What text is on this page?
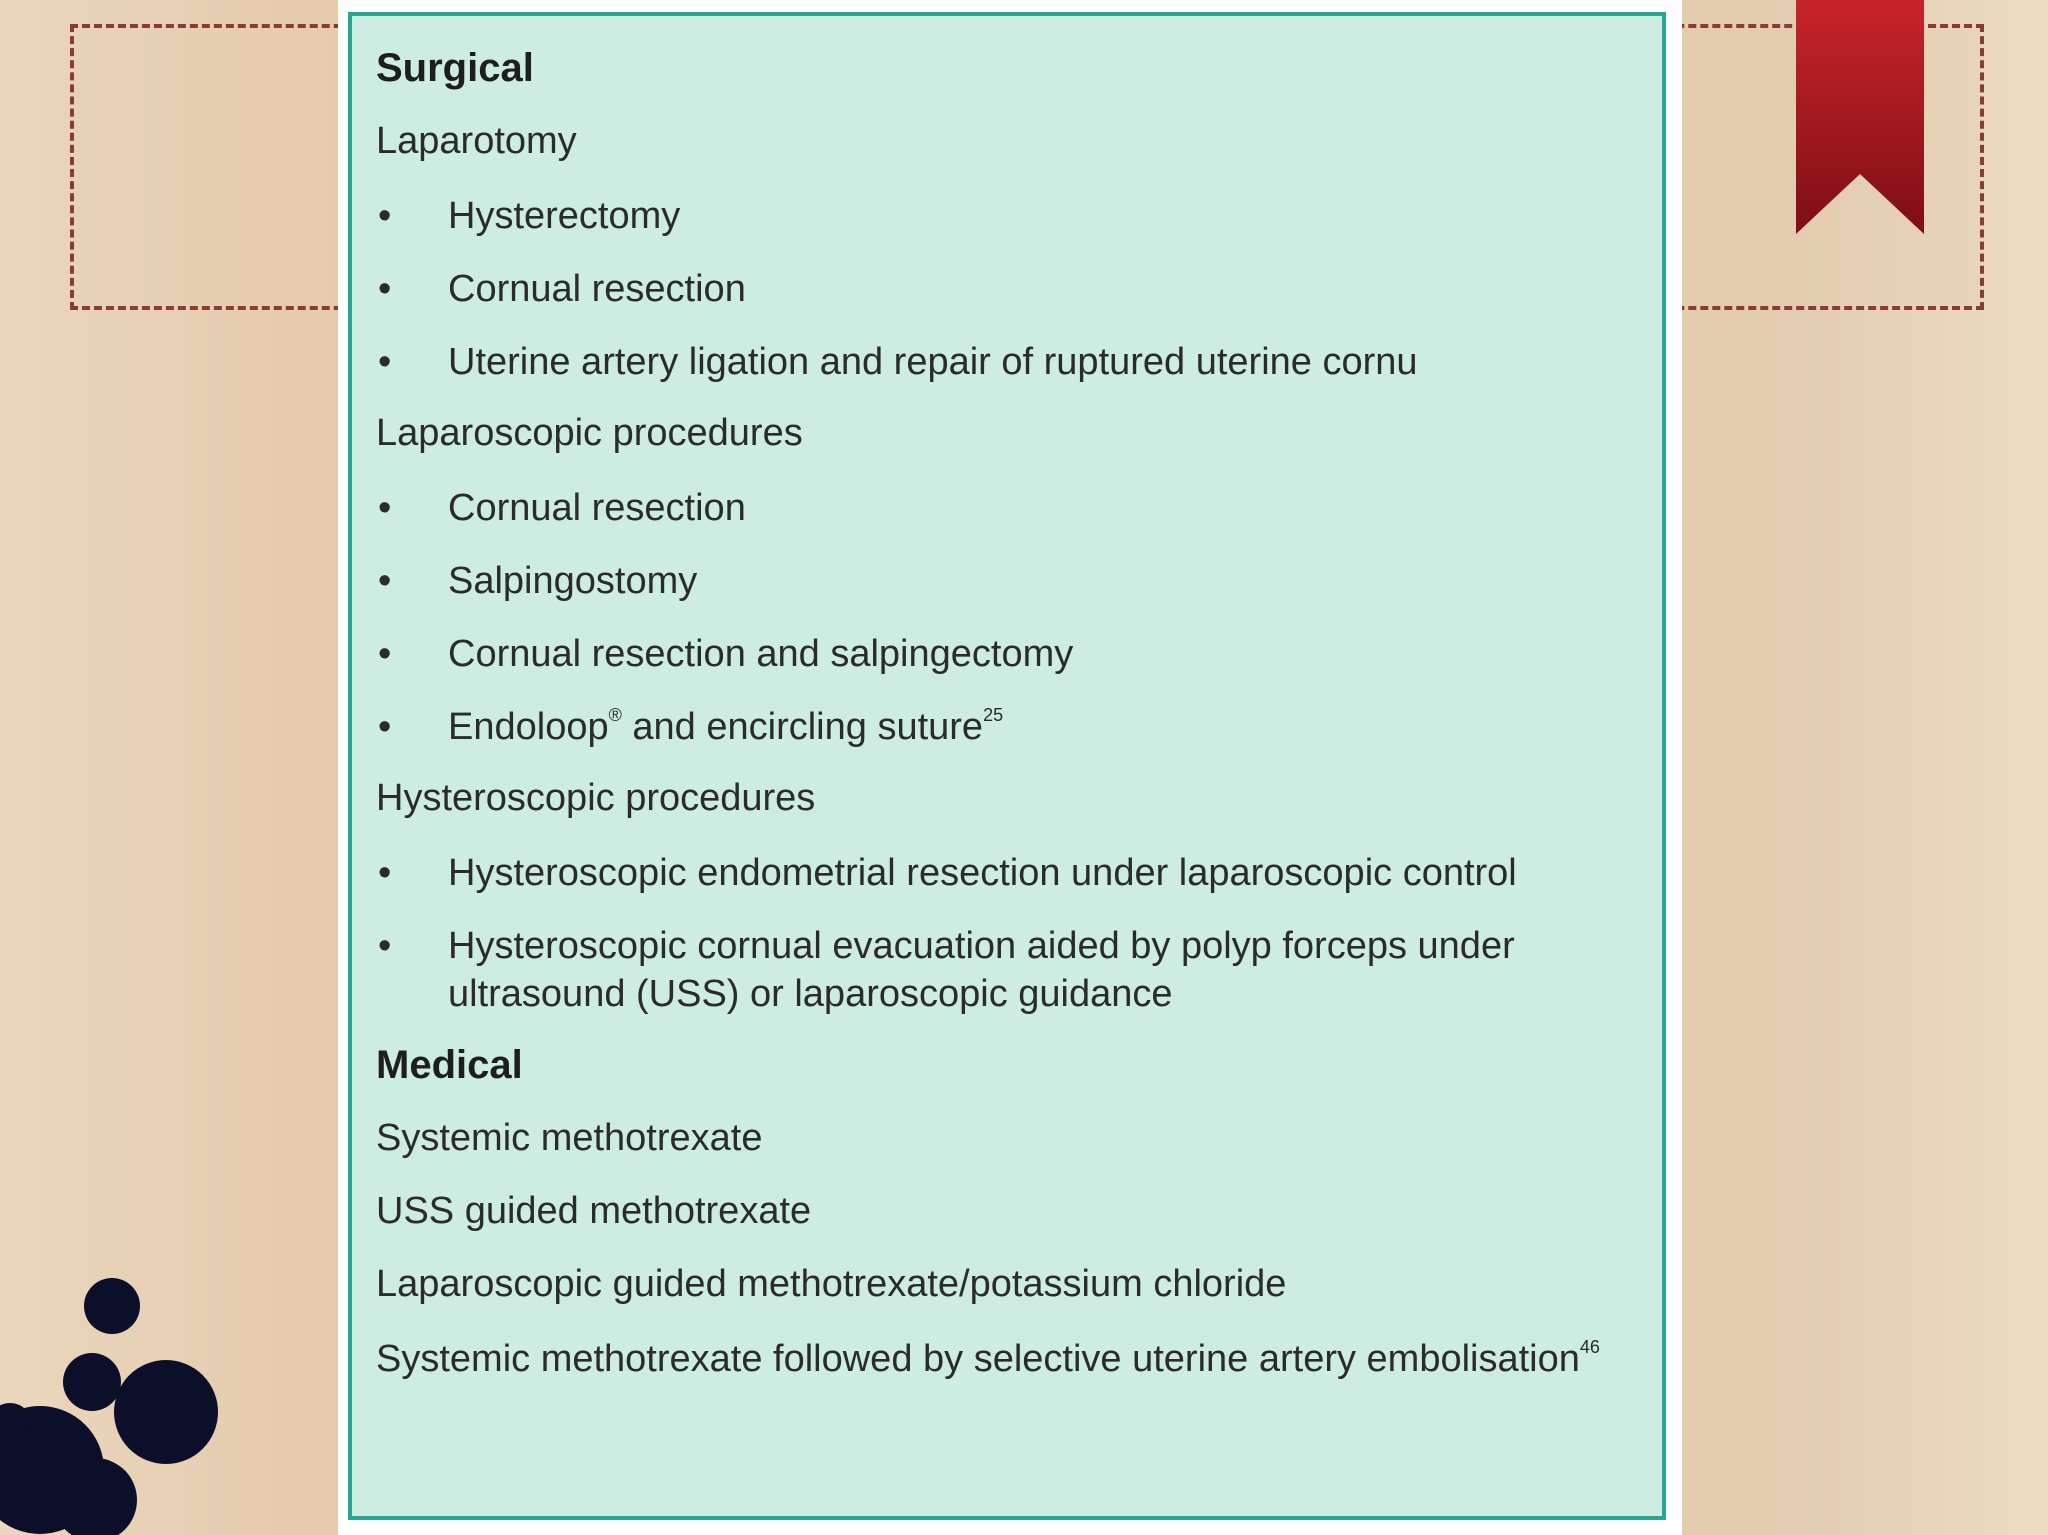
Surgical
Laparotomy
• Hysterectomy
• Cornual resection
• Uterine artery ligation and repair of ruptured uterine cornu
Laparoscopic procedures
• Cornual resection
• Salpingostomy
• Cornual resection and salpingectomy
• Endoloop® and encircling suture$^{25}$
Hysteroscopic procedures
• Hysteroscopic endometrial resection under laparoscopic control
• Hysteroscopic cornual evacuation aided by polyp forceps under ultrasound (USS) or laparoscopic guidance
Medical
Systemic methotrexate
USS guided methotrexate
Laparoscopic guided methotrexate/potassium chloride
Systemic methotrexate followed by selective uterine artery embolisation$^{46}$
